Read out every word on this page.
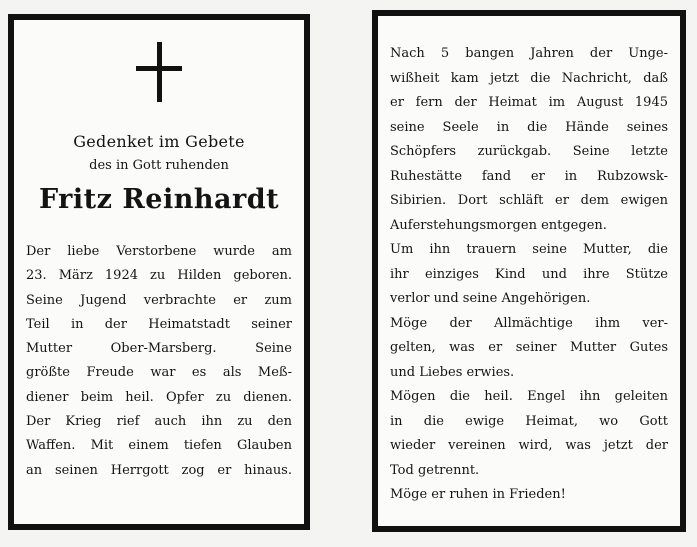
Gedenket im Gebete
des in Gott ruhenden
Fritz Reinhardt
Der liebe Verstorbene wurde am
23. März 1924 zu Hilden geboren.
Seine Jugend verbrachte er zum
Teil in der Heimatstadt seiner
Mutter Ober-Marsberg. Seine
größte Freude war es als Meß-
diener beim heil. Opfer zu dienen.
Der Krieg rief auch ihn zu den
Waffen. Mit einem tiefen Glauben
an seinen Herrgott zog er hinaus.
Nach 5 bangen Jahren der Unge-
wißheit kam jetzt die Nachricht, daß
er fern der Heimat im August 1945
seine Seele in die Hände seines
Schöpfers zurückgab. Seine letzte
Ruhestätte fand er in Rubzowsk-
Sibirien. Dort schläft er dem ewigen
Auferstehungsmorgen entgegen.
Um ihn trauern seine Mutter, die
ihr einziges Kind und ihre Stütze
verlor und seine Angehörigen.
Möge der Allmächtige ihm ver-
gelten, was er seiner Mutter Gutes
und Liebes erwies.
Mögen die heil. Engel ihn geleiten
in die ewige Heimat, wo Gott
wieder vereinen wird, was jetzt der
Tod getrennt.
Möge er ruhen in Frieden!
